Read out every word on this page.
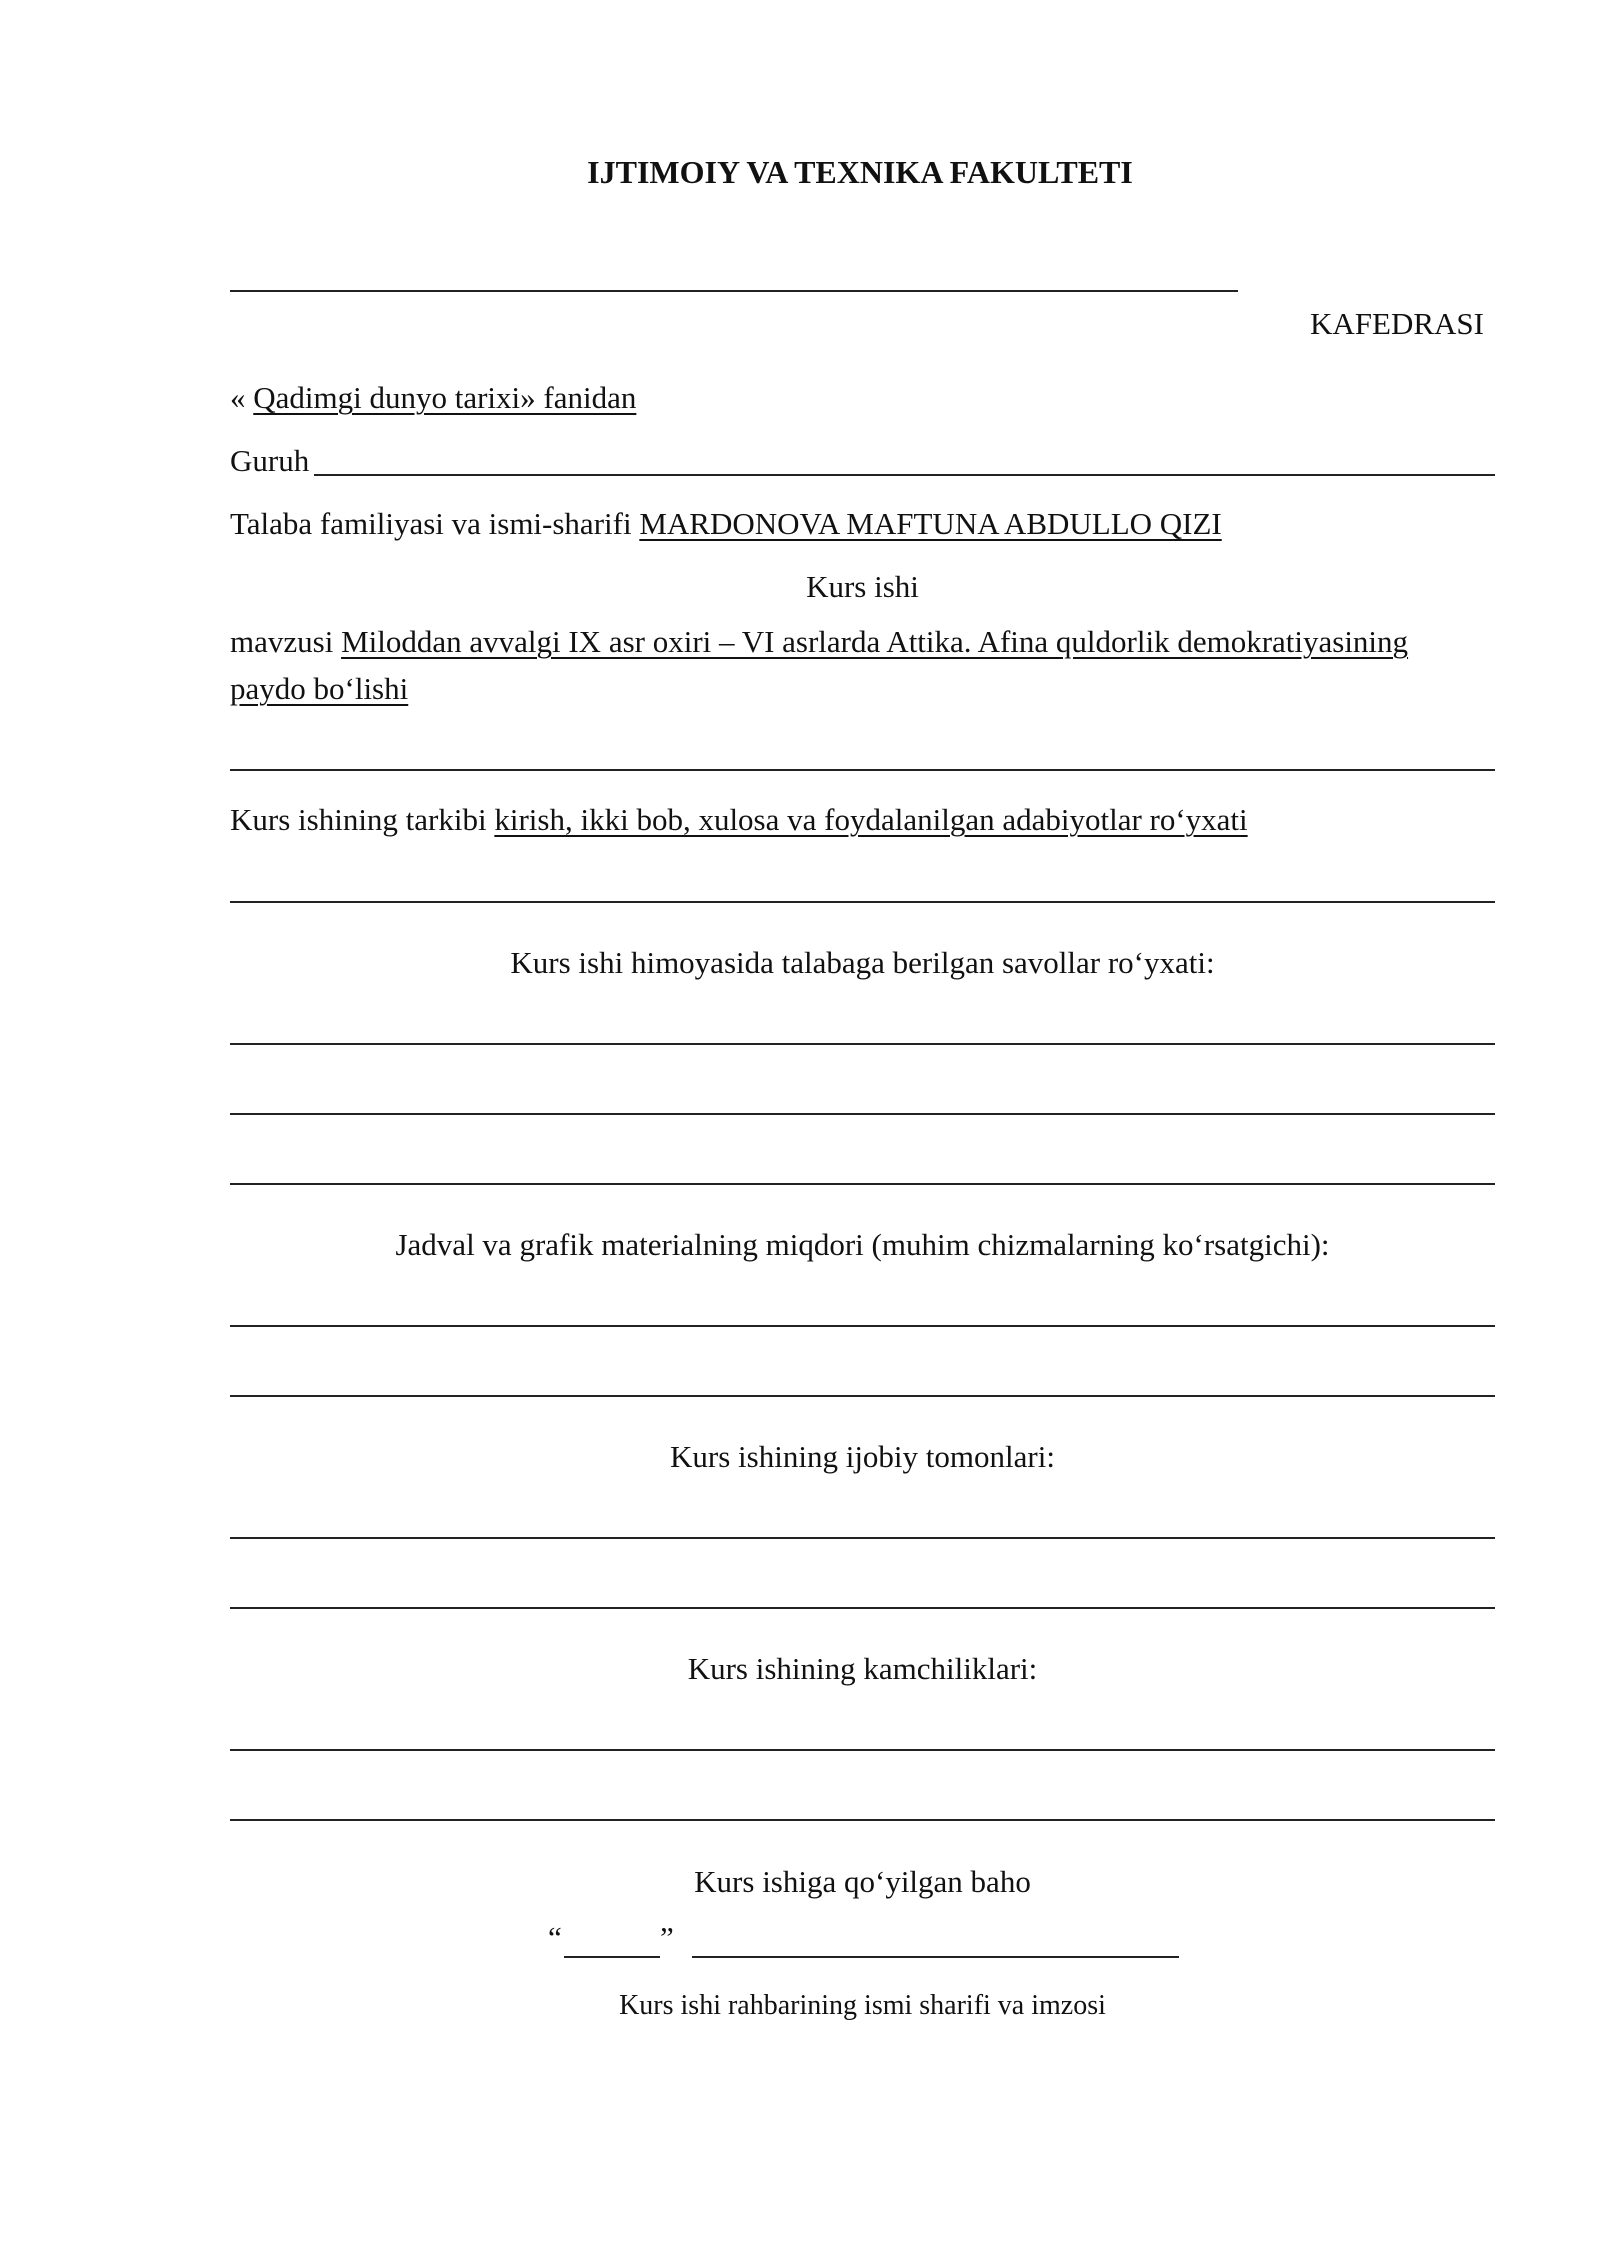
IJTIMOIY VA TEXNIKA FAKULTETI
KAFEDRASI
« Qadimgi dunyo tarixi» fanidan
Guruh
Talaba familiyasi va ismi-sharifi MARDONOVA MAFTUNA ABDULLO QIZI
Kurs ishi
mavzusi Miloddan avvalgi IX asr oxiri – VI asrlarda Attika. Afina quldorlik demokratiyasining
paydo bo‘lishi
Kurs ishining tarkibi kirish, ikki bob, xulosa va foydalanilgan adabiyotlar ro‘yxati
Kurs ishi himoyasida talabaga berilgan savollar ro‘yxati:
Jadval va grafik materialning miqdori (muhim chizmalarning ko‘rsatgichi):
Kurs ishining ijobiy tomonlari:
Kurs ishining kamchiliklari:
Kurs ishiga qo‘yilgan baho
“	”
Kurs ishi rahbarining ismi sharifi va imzosi
